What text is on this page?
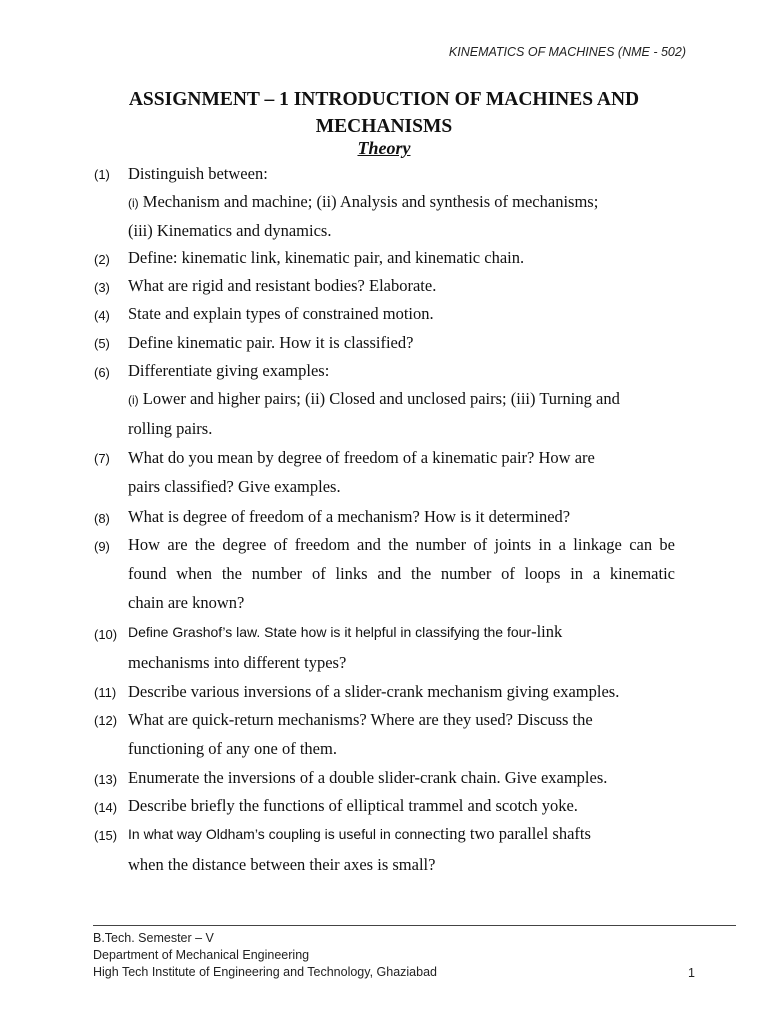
KINEMATICS OF MACHINES (NME - 502)
ASSIGNMENT – 1 INTRODUCTION OF MACHINES AND MECHANISMS
Theory
(1) Distinguish between:
(i) Mechanism and machine; (ii) Analysis and synthesis of mechanisms;
(iii) Kinematics and dynamics.
(2) Define: kinematic link, kinematic pair, and kinematic chain.
(3) What are rigid and resistant bodies? Elaborate.
(4) State and explain types of constrained motion.
(5) Define kinematic pair. How it is classified?
(6) Differentiate giving examples:
(i) Lower and higher pairs; (ii) Closed and unclosed pairs; (iii) Turning and
rolling pairs.
(7) What do you mean by degree of freedom of a kinematic pair? How are
pairs classified? Give examples.
(8) What is degree of freedom of a mechanism? How is it determined?
(9) How are the degree of freedom and the number of joints in a linkage can be
found when the number of links and the number of loops in a kinematic
chain are known?
(10) Define Grashof’s law. State how is it helpful in classifying the four-link
mechanisms into different types?
(11) Describe various inversions of a slider-crank mechanism giving examples.
(12) What are quick-return mechanisms? Where are they used? Discuss the
functioning of any one of them.
(13) Enumerate the inversions of a double slider-crank chain. Give examples.
(14) Describe briefly the functions of elliptical trammel and scotch yoke.
(15) In what way Oldham’s coupling is useful in connecting two parallel shafts
when the distance between their axes is small?
B.Tech. Semester – V
Department of Mechanical Engineering
High Tech Institute of Engineering and Technology, Ghaziabad	1
